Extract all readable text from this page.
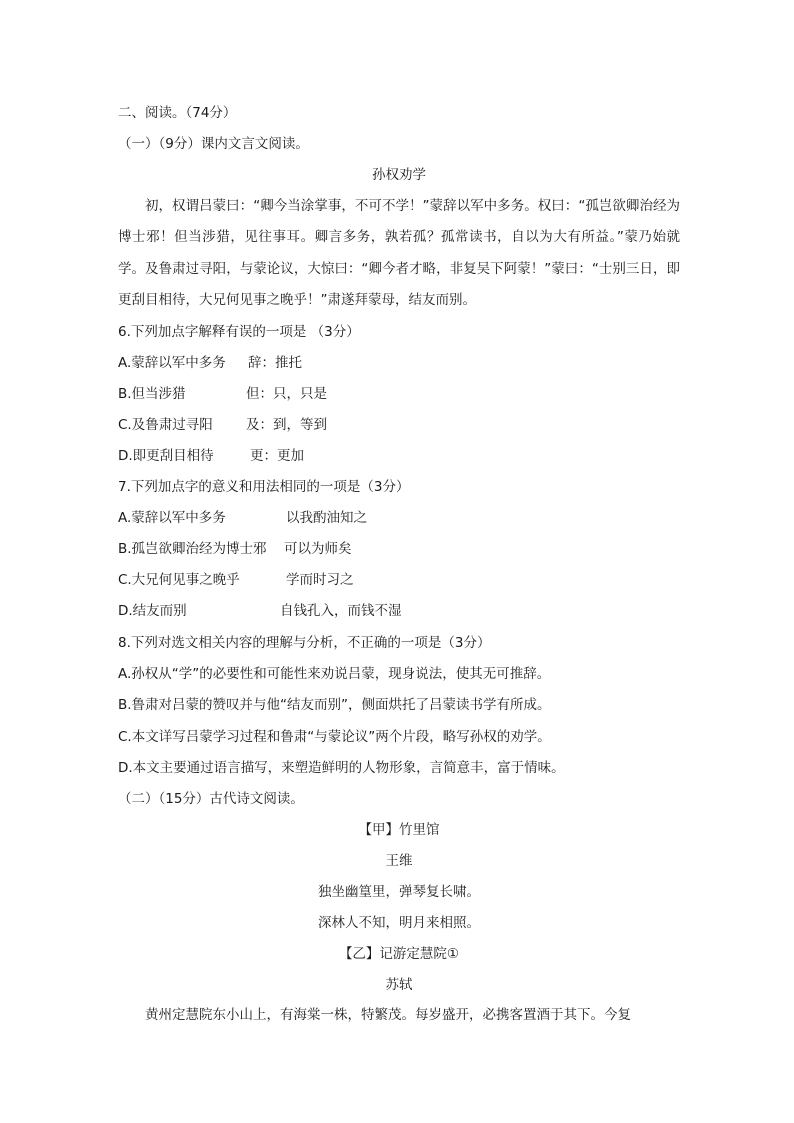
二、阅读。（74分）
（一）（9分）课内文言文阅读。
孙权劝学
初，权谓吕蒙曰：“卿今当涂掌事，不可不学！”蒙辞以军中多务。权曰：“孤岂欲卿治经为博士邪！但当涉猎，见往事耳。卿言多务，孰若孤？孤常读书，自以为大有所益。”蒙乃始就学。及鲁肃过寻阳，与蒙论议，大惊曰：“卿今者才略，非复吴下阿蒙！”蒙曰：“士别三日，即更刮目相待，大兄何见事之晚乎！”肃遂拜蒙母，结友而别。
6.下列加点字解释有误的一项是 （3分）
A.蒙辞以军中多务 辞：推托
B.但当涉猎	但：只，只是
C.及鲁肃过寻阳 及：到，等到
D.即更刮目相待	更：更加
7.下列加点字的意义和用法相同的一项是（3分）
A.蒙辞以军中多务	以我酌油知之
B.孤岂欲卿治经为博士邪 可以为师矣
C.大兄何见事之晚乎	学而时习之
D.结友而别	自钱孔入，而钱不湿
8.下列对选文相关内容的理解与分析，不正确的一项是（3分）
A.孙权从“学”的必要性和可能性来劝说吕蒙，现身说法，使其无可推辞。
B.鲁肃对吕蒙的赞叹并与他“结友而别”，侧面烘托了吕蒙读书学有所成。
C.本文详写吕蒙学习过程和鲁肃“与蒙论议”两个片段，略写孙权的劝学。
D.本文主要通过语言描写，来塑造鲜明的人物形象，言简意丰，富于情味。
（二）（15分）古代诗文阅读。
【甲】竹里馆
王维
独坐幽篁里，弹琴复长啸。
深林人不知，明月来相照。
【乙】记游定慧院①
苏轼
黄州定慧院东小山上，有海棠一株，特繁茂。每岁盛开，必携客置酒于其下。今复
